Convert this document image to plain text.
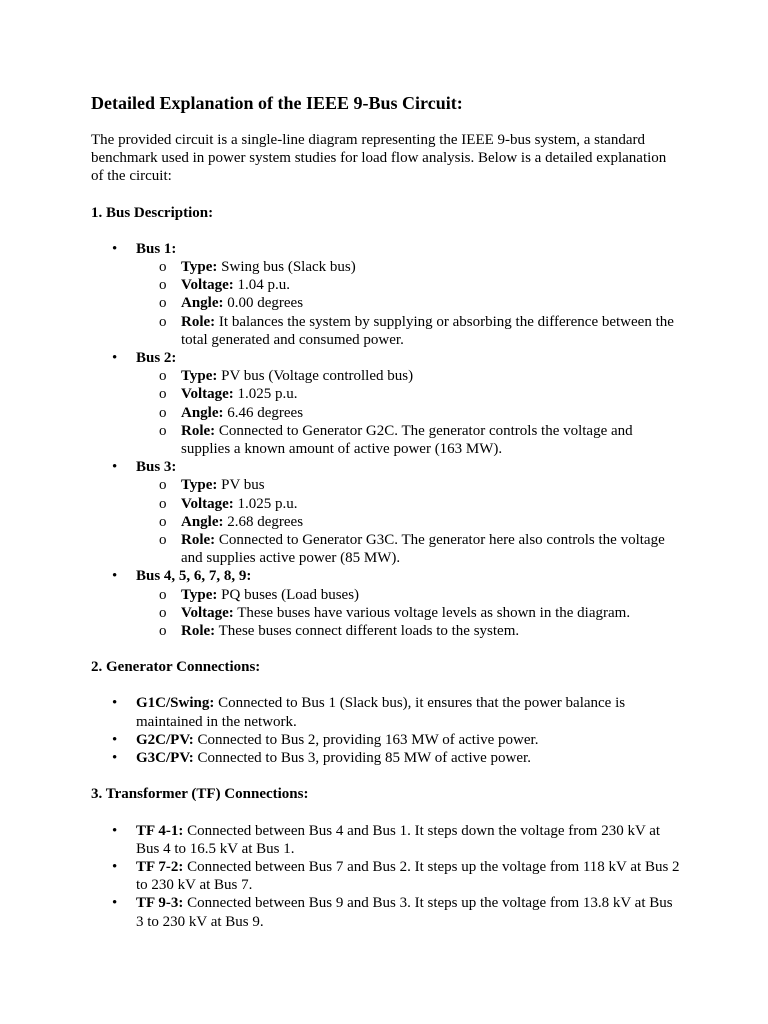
Detailed Explanation of the IEEE 9-Bus Circuit:

The provided circuit is a single-line diagram representing the IEEE 9-bus system, a standard benchmark used in power system studies for load flow analysis. Below is a detailed explanation of the circuit:

1. Bus Description:

• Bus 1:
o Type: Swing bus (Slack bus)
o Voltage: 1.04 p.u.
o Angle: 0.00 degrees
o Role: It balances the system by supplying or absorbing the difference between the total generated and consumed power.
• Bus 2:
o Type: PV bus (Voltage controlled bus)
o Voltage: 1.025 p.u.
o Angle: 6.46 degrees
o Role: Connected to Generator G2C. The generator controls the voltage and supplies a known amount of active power (163 MW).
• Bus 3:
o Type: PV bus
o Voltage: 1.025 p.u.
o Angle: 2.68 degrees
o Role: Connected to Generator G3C. The generator here also controls the voltage and supplies active power (85 MW).
• Bus 4, 5, 6, 7, 8, 9:
o Type: PQ buses (Load buses)
o Voltage: These buses have various voltage levels as shown in the diagram.
o Role: These buses connect different loads to the system.

2. Generator Connections:

• G1C/Swing: Connected to Bus 1 (Slack bus), it ensures that the power balance is maintained in the network.
• G2C/PV: Connected to Bus 2, providing 163 MW of active power.
• G3C/PV: Connected to Bus 3, providing 85 MW of active power.

3. Transformer (TF) Connections:

• TF 4-1: Connected between Bus 4 and Bus 1. It steps down the voltage from 230 kV at Bus 4 to 16.5 kV at Bus 1.
• TF 7-2: Connected between Bus 7 and Bus 2. It steps up the voltage from 118 kV at Bus 2 to 230 kV at Bus 7.
• TF 9-3: Connected between Bus 9 and Bus 3. It steps up the voltage from 13.8 kV at Bus 3 to 230 kV at Bus 9.
